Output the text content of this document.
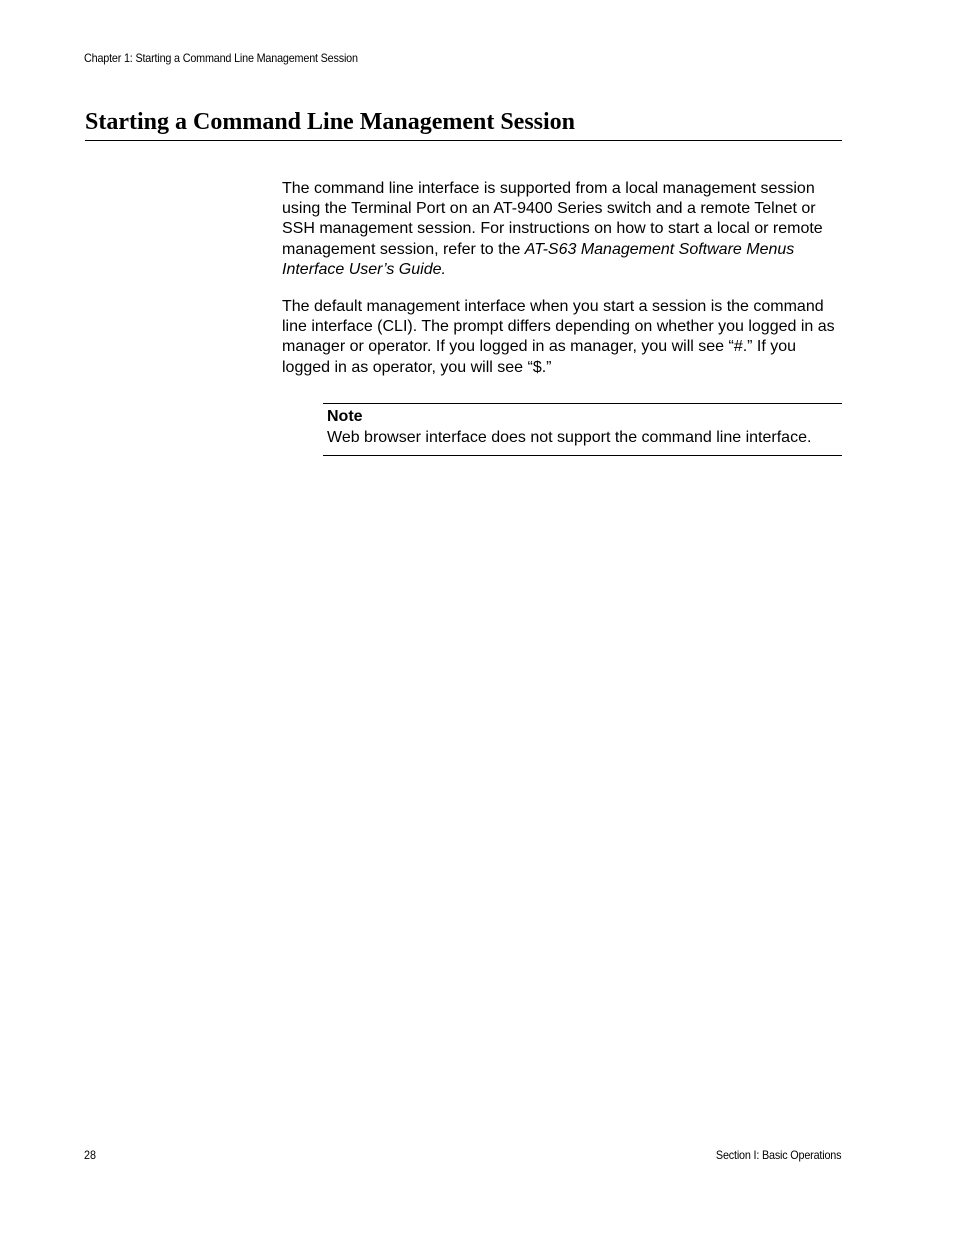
Chapter 1: Starting a Command Line Management Session
Starting a Command Line Management Session

The command line interface is supported from a local management session using the Terminal Port on an AT-9400 Series switch and a remote Telnet or SSH management session. For instructions on how to start a local or remote management session, refer to the AT-S63 Management Software Menus Interface User’s Guide.

The default management interface when you start a session is the command line interface (CLI). The prompt differs depending on whether you logged in as manager or operator. If you logged in as manager, you will see “#.” If you logged in as operator, you will see “$.”

Note
Web browser interface does not support the command line interface.
28	Section I: Basic Operations
